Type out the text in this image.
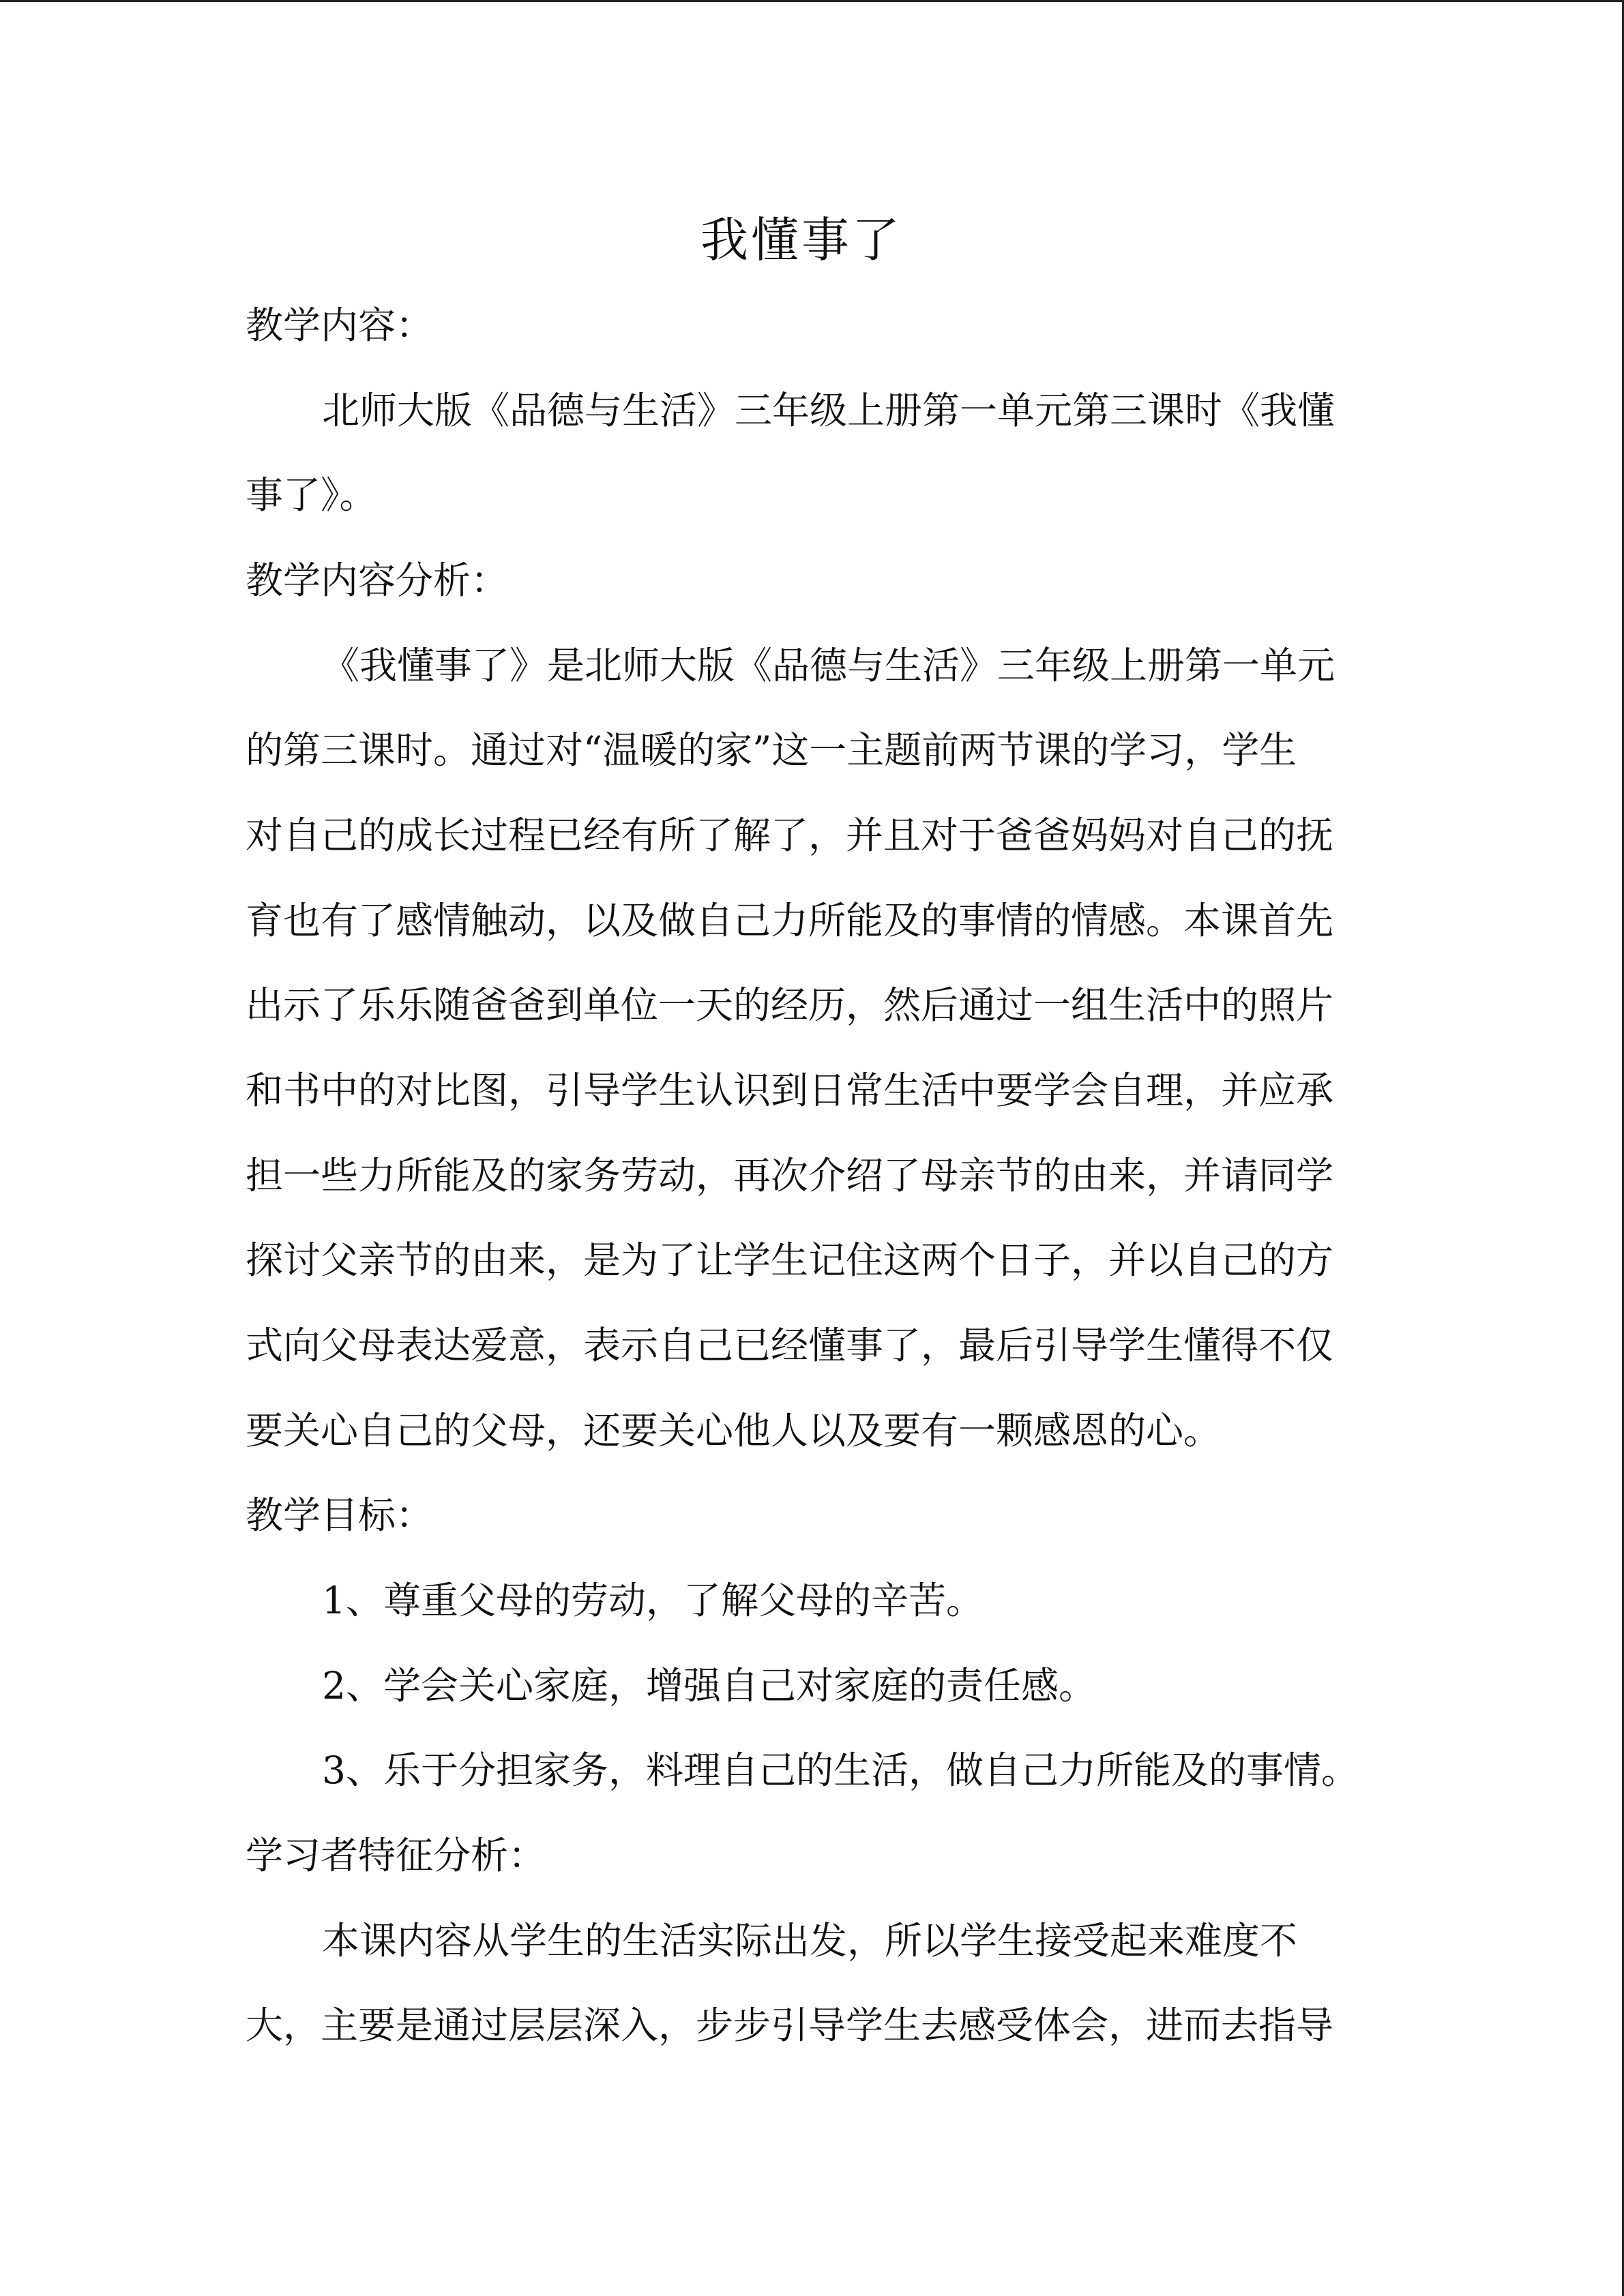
我懂事了
教学内容：
北师大版《品德与生活》三年级上册第一单元第三课时《我懂
事了》。
教学内容分析：
《我懂事了》是北师大版《品德与生活》三年级上册第一单元
的第三课时。通过对“温暖的家”这一主题前两节课的学习，学生
对自己的成长过程已经有所了解了，并且对于爸爸妈妈对自己的抚
育也有了感情触动，以及做自己力所能及的事情的情感。本课首先
出示了乐乐随爸爸到单位一天的经历，然后通过一组生活中的照片
和书中的对比图，引导学生认识到日常生活中要学会自理，并应承
担一些力所能及的家务劳动，再次介绍了母亲节的由来，并请同学
探讨父亲节的由来，是为了让学生记住这两个日子，并以自己的方
式向父母表达爱意，表示自己已经懂事了，最后引导学生懂得不仅
要关心自己的父母，还要关心他人以及要有一颗感恩的心。
教学目标：
1、尊重父母的劳动，了解父母的辛苦。
2、学会关心家庭，增强自己对家庭的责任感。
3、乐于分担家务，料理自己的生活，做自己力所能及的事情。
学习者特征分析：
本课内容从学生的生活实际出发，所以学生接受起来难度不
大，主要是通过层层深入，步步引导学生去感受体会，进而去指导
